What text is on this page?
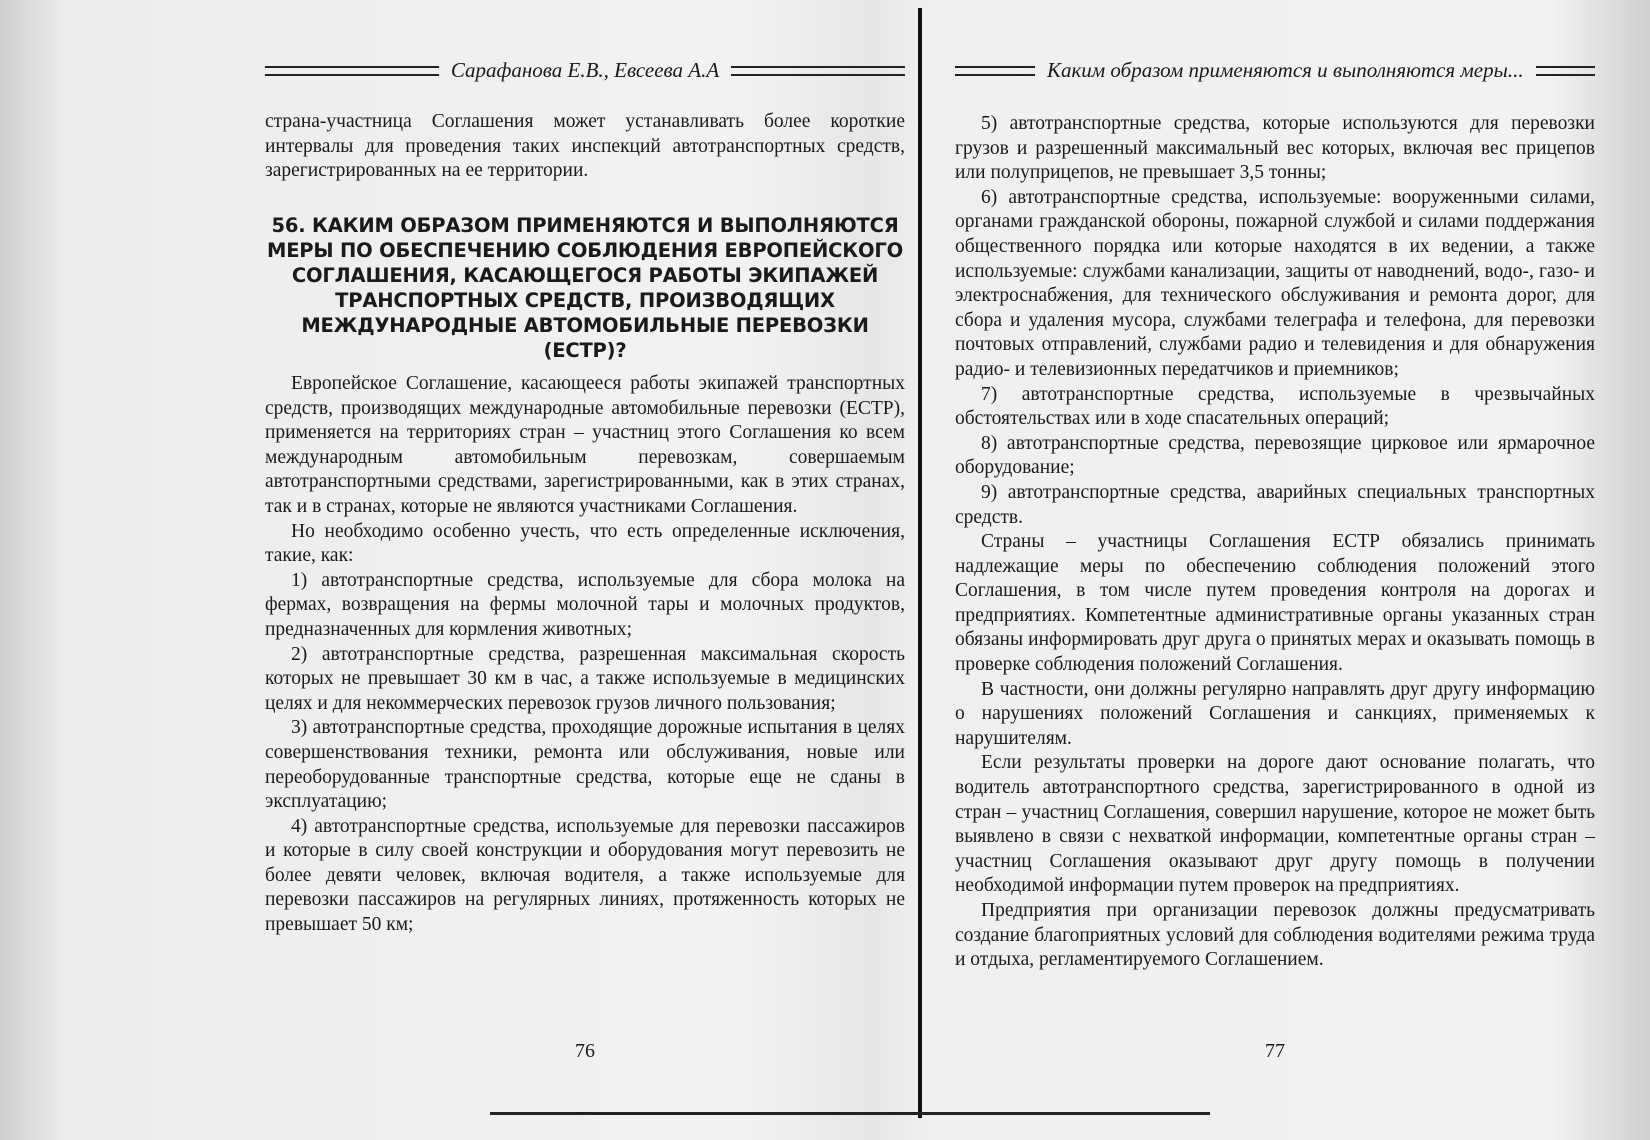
Сарафанова Е.В., Евсеева А.А

страна-участница Соглашения может устанавливать более короткие интервалы для проведения таких инспекций автотранспортных средств, зарегистрированных на ее территории.

56. КАКИМ ОБРАЗОМ ПРИМЕНЯЮТСЯ И ВЫПОЛНЯЮТСЯ МЕРЫ ПО ОБЕСПЕЧЕНИЮ СОБЛЮДЕНИЯ ЕВРОПЕЙСКОГО СОГЛАШЕНИЯ, КАСАЮЩЕГОСЯ РАБОТЫ ЭКИПАЖЕЙ ТРАНСПОРТНЫХ СРЕДСТВ, ПРОИЗВОДЯЩИХ МЕЖДУНАРОДНЫЕ АВТОМОБИЛЬНЫЕ ПЕРЕВОЗКИ (ЕСТР)?

Европейское Соглашение, касающееся работы экипажей транспортных средств, производящих международные автомобильные перевозки (ЕСТР), применяется на территориях стран – участниц этого Соглашения ко всем международным автомобильным перевозкам, совершаемым автотранспортными средствами, зарегистрированными, как в этих странах, так и в странах, которые не являются участниками Соглашения.

Но необходимо особенно учесть, что есть определенные исключения, такие, как:

1) автотранспортные средства, используемые для сбора молока на фермах, возвращения на фермы молочной тары и молочных продуктов, предназначенных для кормления животных;

2) автотранспортные средства, разрешенная максимальная скорость которых не превышает 30 км в час, а также используемые в медицинских целях и для некоммерческих перевозок грузов личного пользования;

3) автотранспортные средства, проходящие дорожные испытания в целях совершенствования техники, ремонта или обслуживания, новые или переоборудованные транспортные средства, которые еще не сданы в эксплуатацию;

4) автотранспортные средства, используемые для перевозки пассажиров и которые в силу своей конструкции и оборудования могут перевозить не более девяти человек, включая водителя, а также используемые для перевозки пассажиров на регулярных линиях, протяженность которых не превышает 50 км;

76
Каким образом применяются и выполняются меры...

5) автотранспортные средства, которые используются для перевозки грузов и разрешенный максимальный вес которых, включая вес прицепов или полуприцепов, не превышает 3,5 тонны;

6) автотранспортные средства, используемые: вооруженными силами, органами гражданской обороны, пожарной службой и силами поддержания общественного порядка или которые находятся в их ведении, а также используемые: службами канализации, защиты от наводнений, водо-, газо- и электроснабжения, для технического обслуживания и ремонта дорог, для сбора и удаления мусора, службами телеграфа и телефона, для перевозки почтовых отправлений, службами радио и телевидения и для обнаружения радио- и телевизионных передатчиков и приемников;

7) автотранспортные средства, используемые в чрезвычайных обстоятельствах или в ходе спасательных операций;

8) автотранспортные средства, перевозящие цирковое или ярмарочное оборудование;

9) автотранспортные средства, аварийных специальных транспортных средств.

Страны – участницы Соглашения ЕСТР обязались принимать надлежащие меры по обеспечению соблюдения положений этого Соглашения, в том числе путем проведения контроля на дорогах и предприятиях. Компетентные административные органы указанных стран обязаны информировать друг друга о принятых мерах и оказывать помощь в проверке соблюдения положений Соглашения.

В частности, они должны регулярно направлять друг другу информацию о нарушениях положений Соглашения и санкциях, применяемых к нарушителям.

Если результаты проверки на дороге дают основание полагать, что водитель автотранспортного средства, зарегистрированного в одной из стран – участниц Соглашения, совершил нарушение, которое не может быть выявлено в связи с нехваткой информации, компетентные органы стран – участниц Соглашения оказывают друг другу помощь в получении необходимой информации путем проверок на предприятиях.

Предприятия при организации перевозок должны предусматривать создание благоприятных условий для соблюдения водителями режима труда и отдыха, регламентируемого Соглашением.

77
